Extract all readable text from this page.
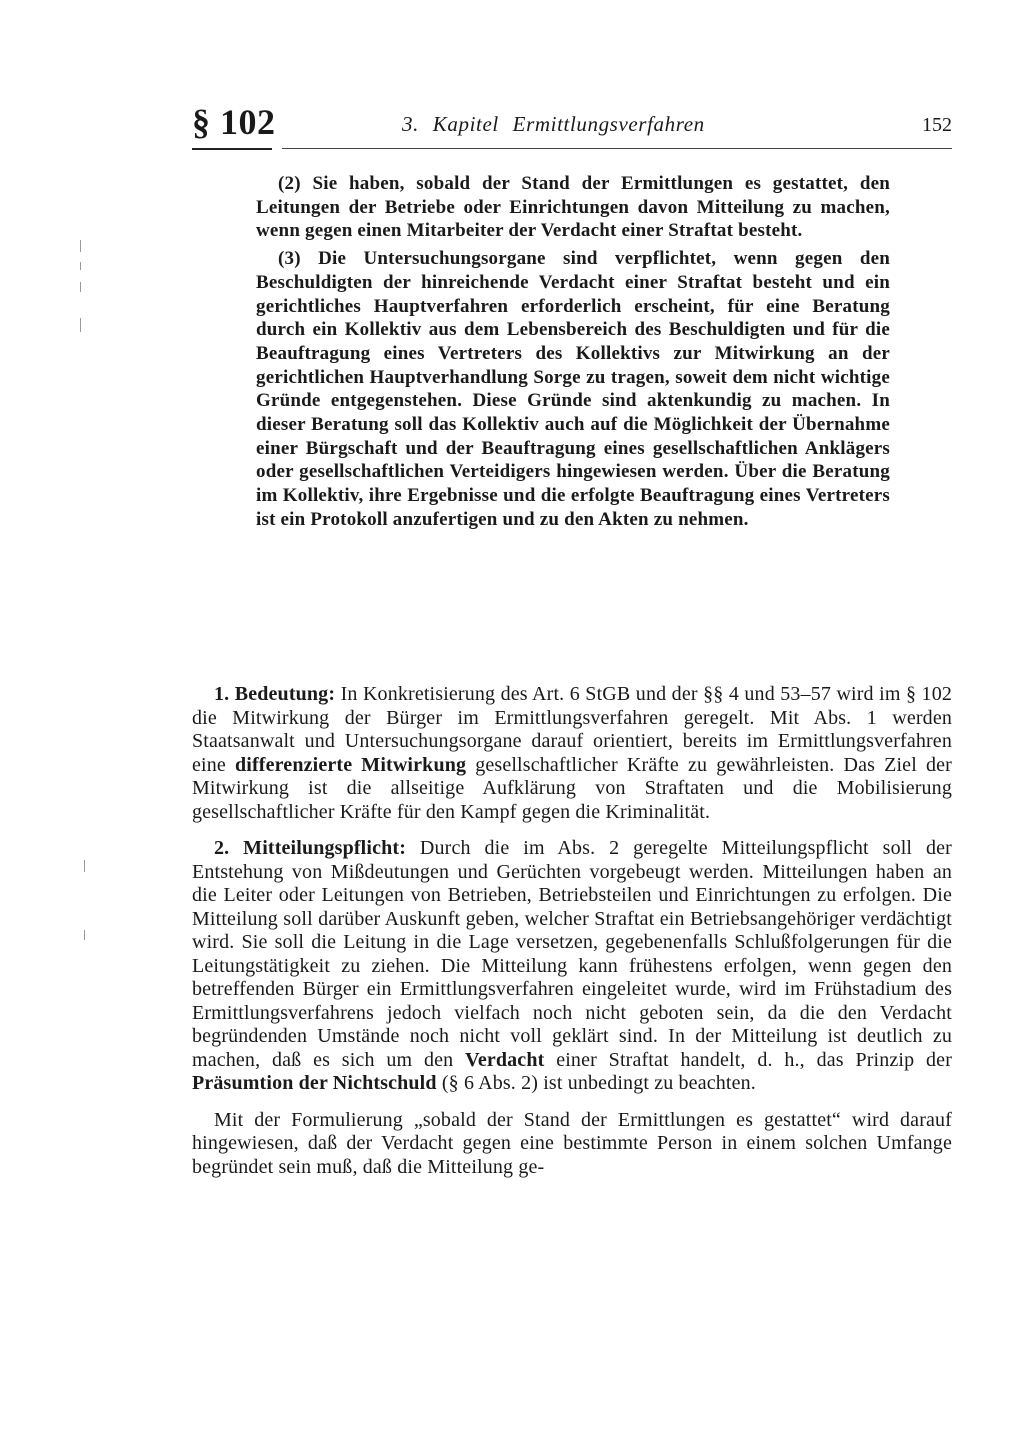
§ 102	3. Kapitel Ermittlungsverfahren	152

(2) Sie haben, sobald der Stand der Ermittlungen es gestattet, den Leitungen der Betriebe oder Einrichtungen davon Mitteilung zu machen, wenn gegen einen Mitarbeiter der Verdacht einer Straftat besteht.

(3) Die Untersuchungsorgane sind verpflichtet, wenn gegen den Beschuldigten der hinreichende Verdacht einer Straftat besteht und ein gerichtliches Hauptverfahren erforderlich erscheint, für eine Beratung durch ein Kollektiv aus dem Lebensbereich des Beschuldigten und für die Beauftragung eines Vertreters des Kollektivs zur Mitwirkung an der gerichtlichen Hauptverhandlung Sorge zu tragen, soweit dem nicht wichtige Gründe entgegenstehen. Diese Gründe sind aktenkundig zu machen. In dieser Beratung soll das Kollektiv auch auf die Möglichkeit der Übernahme einer Bürgschaft und der Beauftragung eines gesellschaftlichen Anklägers oder gesellschaftlichen Verteidigers hingewiesen werden. Über die Beratung im Kollektiv, ihre Ergebnisse und die erfolgte Beauftragung eines Vertreters ist ein Protokoll anzufertigen und zu den Akten zu nehmen.

1. Bedeutung: In Konkretisierung des Art. 6 StGB und der §§ 4 und 53–57 wird im § 102 die Mitwirkung der Bürger im Ermittlungsverfahren geregelt. Mit Abs. 1 werden Staatsanwalt und Untersuchungsorgane darauf orientiert, bereits im Ermittlungsverfahren eine differenzierte Mitwirkung gesellschaftlicher Kräfte zu gewährleisten. Das Ziel der Mitwirkung ist die allseitige Aufklärung von Straftaten und die Mobilisierung gesellschaftlicher Kräfte für den Kampf gegen die Kriminalität.

2. Mitteilungspflicht: Durch die im Abs. 2 geregelte Mitteilungspflicht soll der Entstehung von Mißdeutungen und Gerüchten vorgebeugt werden. Mitteilungen haben an die Leiter oder Leitungen von Betrieben, Betriebsteilen und Einrichtungen zu erfolgen. Die Mitteilung soll darüber Auskunft geben, welcher Straftat ein Betriebsangehöriger verdächtigt wird. Sie soll die Leitung in die Lage versetzen, gegebenenfalls Schlußfolgerungen für die Leitungstätigkeit zu ziehen. Die Mitteilung kann frühestens erfolgen, wenn gegen den betreffenden Bürger ein Ermittlungsverfahren eingeleitet wurde, wird im Frühstadium des Ermittlungsverfahrens jedoch vielfach noch nicht geboten sein, da die den Verdacht begründenden Umstände noch nicht voll geklärt sind. In der Mitteilung ist deutlich zu machen, daß es sich um den Verdacht einer Straftat handelt, d. h., das Prinzip der Präsumtion der Nichtschuld (§ 6 Abs. 2) ist unbedingt zu beachten.

Mit der Formulierung „sobald der Stand der Ermittlungen es gestattet“ wird darauf hingewiesen, daß der Verdacht gegen eine bestimmte Person in einem solchen Umfange begründet sein muß, daß die Mitteilung ge-
